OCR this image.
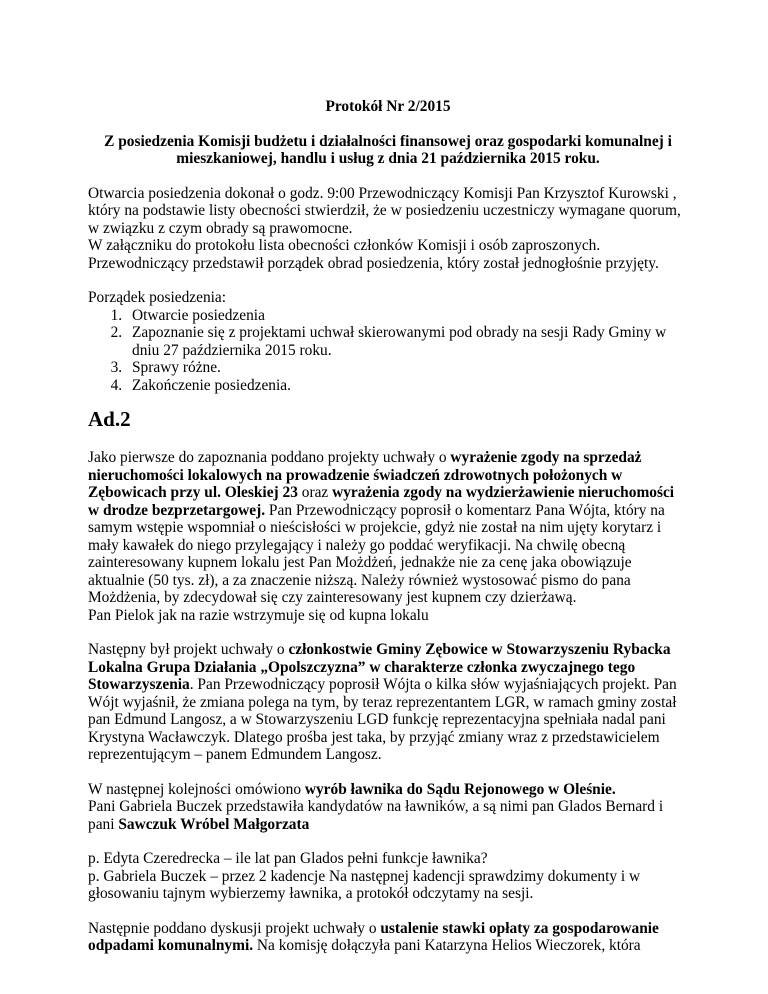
Protokół Nr 2/2015
Z posiedzenia Komisji budżetu i działalności finansowej oraz gospodarki komunalnej i mieszkaniowej, handlu i usług z dnia 21 października 2015 roku.

Otwarcia posiedzenia dokonał o godz. 9:00 Przewodniczący Komisji Pan Krzysztof Kurowski , który na podstawie listy obecności stwierdził, że w posiedzeniu uczestniczy wymagane quorum, w związku z czym obrady są prawomocne.
W załączniku do protokołu lista obecności członków Komisji i osób zaproszonych.
Przewodniczący przedstawił porządek obrad posiedzenia, który został jednogłośnie przyjęty.

Porządek posiedzenia:
1. Otwarcie posiedzenia
2. Zapoznanie się z projektami uchwał skierowanymi pod obrady na sesji Rady Gminy w dniu 27 października 2015 roku.
3. Sprawy różne.
4. Zakończenie posiedzenia.
Ad.2

Jako pierwsze do zapoznania poddano projekty uchwały o wyrażenie zgody na sprzedaż nieruchomości lokalowych na prowadzenie świadczeń zdrowotnych położonych w Zębowicach przy ul. Oleskiej 23 oraz wyrażenia zgody na wydzierżawienie nieruchomości w drodze bezprzetargowej. Pan Przewodniczący poprosił o komentarz Pana Wójta, który na samym wstępie wspomniał o nieścisłości w projekcie, gdyż nie został na nim ujęty korytarz i mały kawałek do niego przylegający i należy go poddać weryfikacji. Na chwilę obecną zainteresowany kupnem lokalu jest Pan Możdżeń, jednakże nie za cenę jaka obowiązuje aktualnie (50 tys. zł), a za znaczenie niższą. Należy również wystosować pismo do pana Możdżenia, by zdecydował się czy zainteresowany jest kupnem czy dzierżawą.
Pan Pielok jak na razie wstrzymuje się od kupna lokalu

Następny był projekt uchwały o członkostwie Gminy Zębowice w Stowarzyszeniu Rybacka Lokalna Grupa Działania „Opolszczyzna” w charakterze członka zwyczajnego tego Stowarzyszenia. Pan Przewodniczący poprosił Wójta o kilka słów wyjaśniających projekt. Pan Wójt wyjaśnił, że zmiana polega na tym, by teraz reprezentantem LGR, w ramach gminy został pan Edmund Langosz, a w Stowarzyszeniu LGD funkcję reprezentacyjna spełniała nadal pani Krystyna Wacławczyk. Dlatego prośba jest taka, by przyjąć zmiany wraz z przedstawicielem reprezentującym – panem Edmundem Langosz.

W następnej kolejności omówiono wyrób ławnika do Sądu Rejonowego w Oleśnie.
Pani Gabriela Buczek przedstawiła kandydatów na ławników, a są nimi pan Glados Bernard i pani Sawczuk Wróbel Małgorzata

p. Edyta Czeredrecka – ile lat pan Glados pełni funkcje ławnika?
p. Gabriela Buczek – przez 2 kadencje Na następnej kadencji sprawdzimy dokumenty i w głosowaniu tajnym wybierzemy ławnika, a protokół odczytamy na sesji.

Następnie poddano dyskusji projekt uchwały o ustalenie stawki opłaty za gospodarowanie odpadami komunalnymi. Na komisję dołączyła pani Katarzyna Helios Wieczorek, która
